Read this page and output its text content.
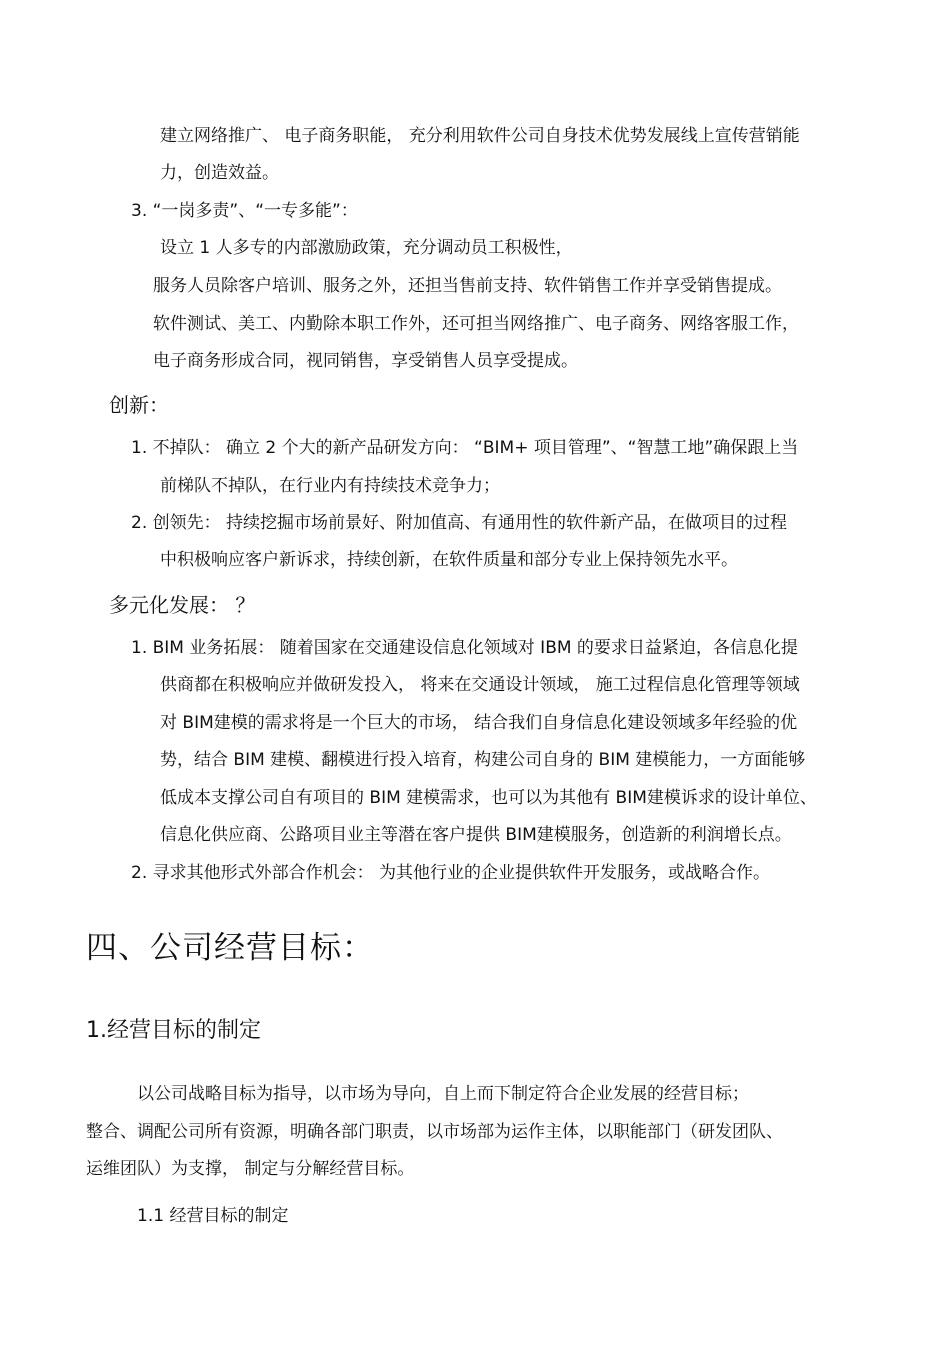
建立网络推广、 电子商务职能， 充分利用软件公司自身技术优势发展线上宣传营销能
力，创造效益。
3. “一岗多责”、“一专多能”：
设立 1 人多专的内部激励政策，充分调动员工积极性，
服务人员除客户培训、服务之外，还担当售前支持、软件销售工作并享受销售提成。
软件测试、美工、内勤除本职工作外，还可担当网络推广、电子商务、网络客服工作，
电子商务形成合同，视同销售，享受销售人员享受提成。
创新：
1. 不掉队： 确立 2 个大的新产品研发方向： “BIM+ 项目管理”、“智慧工地”确保跟上当
前梯队不掉队，在行业内有持续技术竞争力；
2. 创领先： 持续挖掘市场前景好、附加值高、有通用性的软件新产品，在做项目的过程
中积极响应客户新诉求，持续创新，在软件质量和部分专业上保持领先水平。
多元化发展： ？
1. BIM 业务拓展： 随着国家在交通建设信息化领域对 IBM 的要求日益紧迫，各信息化提
供商都在积极响应并做研发投入， 将来在交通设计领域， 施工过程信息化管理等领域
对 BIM建模的需求将是一个巨大的市场， 结合我们自身信息化建设领域多年经验的优
势，结合 BIM 建模、翻模进行投入培育，构建公司自身的 BIM 建模能力，一方面能够
低成本支撑公司自有项目的 BIM 建模需求，也可以为其他有 BIM建模诉求的设计单位、
信息化供应商、公路项目业主等潜在客户提供 BIM建模服务，创造新的利润增长点。
2. 寻求其他形式外部合作机会： 为其他行业的企业提供软件开发服务，或战略合作。
四、公司经营目标：
1.经营目标的制定
以公司战略目标为指导，以市场为导向，自上而下制定符合企业发展的经营目标；
整合、调配公司所有资源，明确各部门职责，以市场部为运作主体，以职能部门（研发团队、
运维团队）为支撑， 制定与分解经营目标。
1.1 经营目标的制定
